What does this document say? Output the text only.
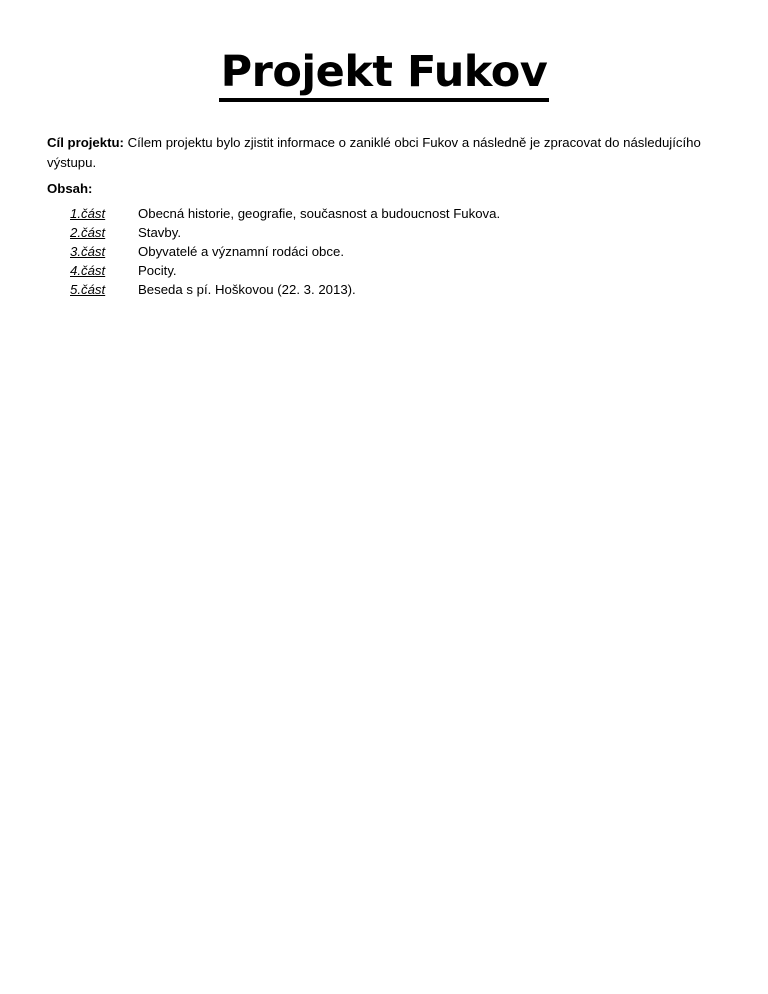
Projekt Fukov
Cíl projektu: Cílem projektu bylo zjistit informace o zaniklé obci Fukov a následně je zpracovat do následujícího výstupu.
Obsah:
1.část	Obecná historie, geografie, současnost a budoucnost Fukova.
2.část	Stavby.
3.část	Obyvatelé a významní rodáci obce.
4.část	Pocity.
5.část	Beseda s pí. Hoškovou (22. 3. 2013).
